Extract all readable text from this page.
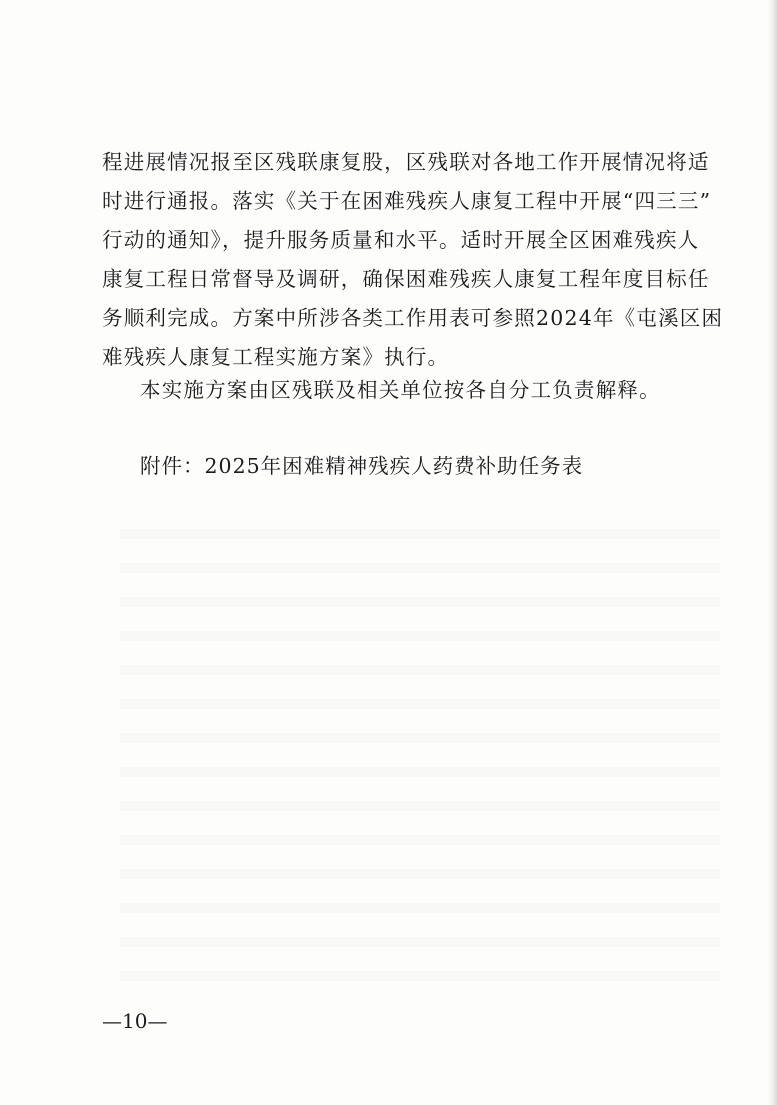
程进展情况报至区残联康复股，区残联对各地工作开展情况将适
时进行通报。落实《关于在困难残疾人康复工程中开展“四三三”
行动的通知》，提升服务质量和水平。适时开展全区困难残疾人
康复工程日常督导及调研，确保困难残疾人康复工程年度目标任
务顺利完成。方案中所涉各类工作用表可参照2024年《屯溪区困
难残疾人康复工程实施方案》执行。
本实施方案由区残联及相关单位按各自分工负责解释。
附件：2025年困难精神残疾人药费补助任务表
—10—
